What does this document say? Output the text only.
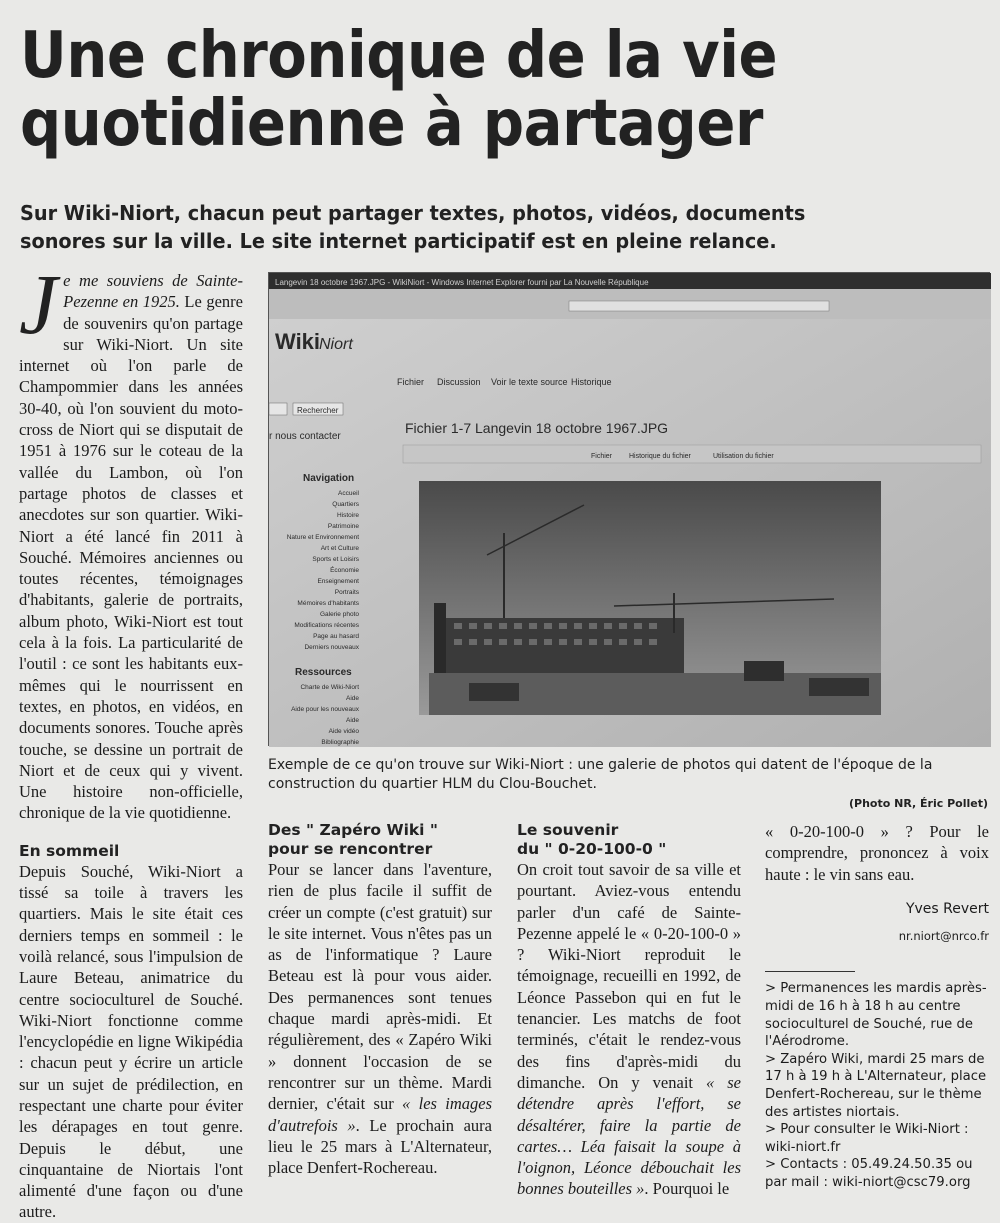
Une chronique de la vie
quotidienne à partager
Sur Wiki-Niort, chacun peut partager textes, photos, vidéos, documents
sonores sur la ville. Le site internet participatif est en pleine relance.

Je me souviens de Sainte-Pezenne en 1925. Le genre de souvenirs qu'on partage sur Wiki-Niort. Un site internet où l'on parle de Champommier dans les années 30-40, où l'on souvient du moto-cross de Niort qui se disputait de 1951 à 1976 sur le coteau de la vallée du Lambon, où l'on partage photos de classes et anecdotes sur son quartier. Wiki-Niort a été lancé fin 2011 à Souché. Mémoires anciennes ou toutes récentes, témoignages d'habitants, galerie de portraits, album photo, Wiki-Niort est tout cela à la fois. La particularité de l'outil : ce sont les habitants eux-mêmes qui le nourrissent en textes, en photos, en vidéos, en documents sonores. Touche après touche, se dessine un portrait de Niort et de ceux qui y vivent. Une histoire non-officielle, chronique de la vie quotidienne.

En sommeil

Depuis Souché, Wiki-Niort a tissé sa toile à travers les quartiers. Mais le site était ces derniers temps en sommeil : le voilà relancé, sous l'impulsion de Laure Beteau, animatrice du centre socioculturel de Souché. Wiki-Niort fonctionne comme l'encyclopédie en ligne Wikipédia : chacun peut y écrire un article sur un sujet de prédilection, en respectant une charte pour éviter les dérapages en tout genre. Depuis le début, une cinquantaine de Niortais l'ont alimenté d'une façon ou d'une autre.

Langevin 18 octobre 1967.JPG - WikiNiort - Windows Internet Explorer fourni par La Nouvelle République
Wiki
Niort
Fichier Discussion Voir le texte source Historique
Rechercher
r nous contacter
Navigation
Accueil
Quartiers
Histoire
Patrimoine
Nature et Environnement
Art et Culture
Sports et Loisirs
Économie
Enseignement
Portraits
Mémoires d'habitants
Galerie photo
Modifications récentes
Page au hasard
Derniers nouveaux
Ressources
Charte de Wiki-Niort
Aide
Aide pour les nouveaux
Aide
Aide vidéo
Bibliographie
Fichier 1-7 Langevin 18 octobre 1967.JPG
Fichier Historique du fichier	Utilisation du fichier
Exemple de ce qu'on trouve sur Wiki-Niort : une galerie de photos qui datent de l'époque de la construction du quartier HLM du Clou-Bouchet.
(Photo NR, Éric Pollet)
Des " Zapéro Wiki "
pour se rencontrer

Pour se lancer dans l'aventure, rien de plus facile il suffit de créer un compte (c'est gratuit) sur le site internet. Vous n'êtes pas un as de l'informatique ? Laure Beteau est là pour vous aider. Des permanences sont tenues chaque mardi après-midi. Et régulièrement, des « Zapéro Wiki » donnent l'occasion de se rencontrer sur un thème. Mardi dernier, c'était sur « les images d'autrefois ». Le prochain aura lieu le 25 mars à L'Alternateur, place Denfert-Rochereau.

Le souvenir
du " 0-20-100-0 "

On croit tout savoir de sa ville et pourtant. Aviez-vous entendu parler d'un café de Sainte-Pezenne appelé le « 0-20-100-0 » ? Wiki-Niort reproduit le témoignage, recueilli en 1992, de Léonce Passebon qui en fut le tenancier. Les matchs de foot terminés, c'était le rendez-vous des fins d'après-midi du dimanche. On y venait « se détendre après l'effort, se désaltérer, faire la partie de cartes… Léa faisait la soupe à l'oignon, Léonce débouchait les bonnes bouteilles ». Pourquoi le

« 0-20-100-0 » ? Pour le comprendre, prononcez à voix haute : le vin sans eau.

Yves Revert
nr.niort@nrco.fr

> Permanences les mardis après-midi de 16 h à 18 h au centre socioculturel de Souché, rue de l'Aérodrome.

> Zapéro Wiki, mardi 25 mars de 17 h à 19 h à L'Alternateur, place Denfert-Rochereau, sur le thème des artistes niortais.

> Pour consulter le Wiki-Niort : wiki-niort.fr

> Contacts : 05.49.24.50.35 ou par mail : wiki-niort@csc79.org
